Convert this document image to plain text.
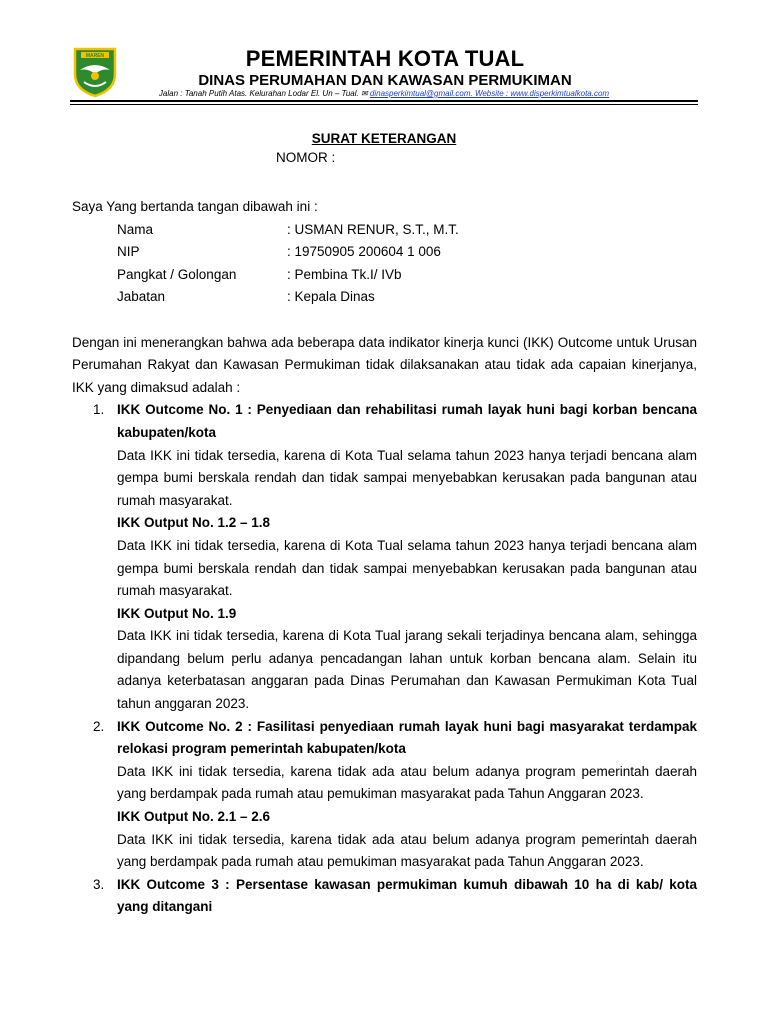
MAREN	PEMERINTAH KOTA TUAL
DINAS PERUMAHAN DAN KAWASAN PERMUKIMAN
Jalan : Tanah Putih Atas. Kelurahan Lodar El. Un – Tual. ✉ dinasperkimtual@gmail.com. Website : www.disperkimtualkota.com
SURAT KETERANGAN
NOMOR :

Saya Yang bertanda tangan dibawah ini :

Nama	: USMAN RENUR, S.T., M.T.
NIP	: 19750905 200604 1 006
Pangkat / Golongan	: Pembina Tk.I/ IVb
Jabatan	: Kepala Dinas

Dengan ini menerangkan bahwa ada beberapa data indikator kinerja kunci (IKK) Outcome untuk Urusan Perumahan Rakyat dan Kawasan Permukiman tidak dilaksanakan atau tidak ada capaian kinerjanya, IKK yang dimaksud adalah :

1. IKK Outcome No. 1 : Penyediaan dan rehabilitasi rumah layak huni bagi korban bencana kabupaten/kota

Data IKK ini tidak tersedia, karena di Kota Tual selama tahun 2023 hanya terjadi bencana alam gempa bumi berskala rendah dan tidak sampai menyebabkan kerusakan pada bangunan atau rumah masyarakat.

IKK Output No. 1.2 – 1.8

Data IKK ini tidak tersedia, karena di Kota Tual selama tahun 2023 hanya terjadi bencana alam gempa bumi berskala rendah dan tidak sampai menyebabkan kerusakan pada bangunan atau rumah masyarakat.

IKK Output No. 1.9

Data IKK ini tidak tersedia, karena di Kota Tual jarang sekali terjadinya bencana alam, sehingga dipandang belum perlu adanya pencadangan lahan untuk korban bencana alam. Selain itu adanya keterbatasan anggaran pada Dinas Perumahan dan Kawasan Permukiman Kota Tual tahun anggaran 2023.

2. IKK Outcome No. 2 : Fasilitasi penyediaan rumah layak huni bagi masyarakat terdampak relokasi program pemerintah kabupaten/kota

Data IKK ini tidak tersedia, karena tidak ada atau belum adanya program pemerintah daerah yang berdampak pada rumah atau pemukiman masyarakat pada Tahun Anggaran 2023.

IKK Output No. 2.1 – 2.6

Data IKK ini tidak tersedia, karena tidak ada atau belum adanya program pemerintah daerah yang berdampak pada rumah atau pemukiman masyarakat pada Tahun Anggaran 2023.

3. IKK Outcome 3 : Persentase kawasan permukiman kumuh dibawah 10 ha di kab/ kota yang ditangani
